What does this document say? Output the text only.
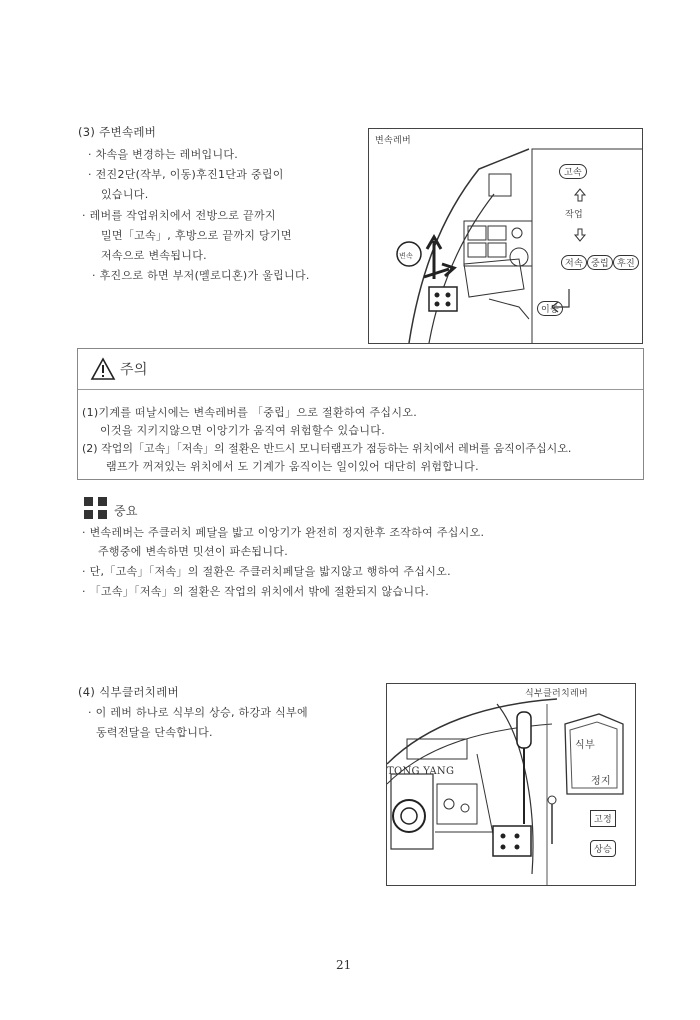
(3) 주변속레버
· 차속을 변경하는 레버입니다.
· 전진2단(작부, 이동)후진1단과 중립이
있습니다.
· 레버를 작업위치에서 전방으로 끝까지
밀면「고속」, 후방으로 끝까지 당기면
저속으로 변속됩니다.
· 후진으로 하면 부저(멜로디혼)가 울립니다.
변속레버
변속
고속
작업
저속 중립 후진
이동
주의
(1)기계를 떠날시에는 변속레버를 「중립」으로 절환하여 주십시오.
이것을 지키지않으면 이앙기가 움직여 위험할수 있습니다.
(2) 작업의「고속」「저속」의 절환은 반드시 모니터램프가 점등하는 위치에서 레버를 움직이주십시오.
램프가 꺼져있는 위치에서 도 기계가 움직이는 일이있어 대단히 위험합니다.
중요
· 변속레버는 주클러치 페달을 밟고 이앙기가 완전히 정지한후 조작하여 주십시오.
주행중에 변속하면 밋션이 파손됩니다.
· 단,「고속」「저속」의 절환은 주클러치페달을 밟지않고 행하여 주십시오.
· 「고속」「저속」의 절환은 작업의 위치에서 밖에 절환되지 않습니다.
(4) 식부클러치레버
· 이 레버 하나로 식부의 상승, 하강과 식부에
동력전달을 단속합니다.
식부클러치레버
TONG YANG
식부
정지
고정
상승
21
